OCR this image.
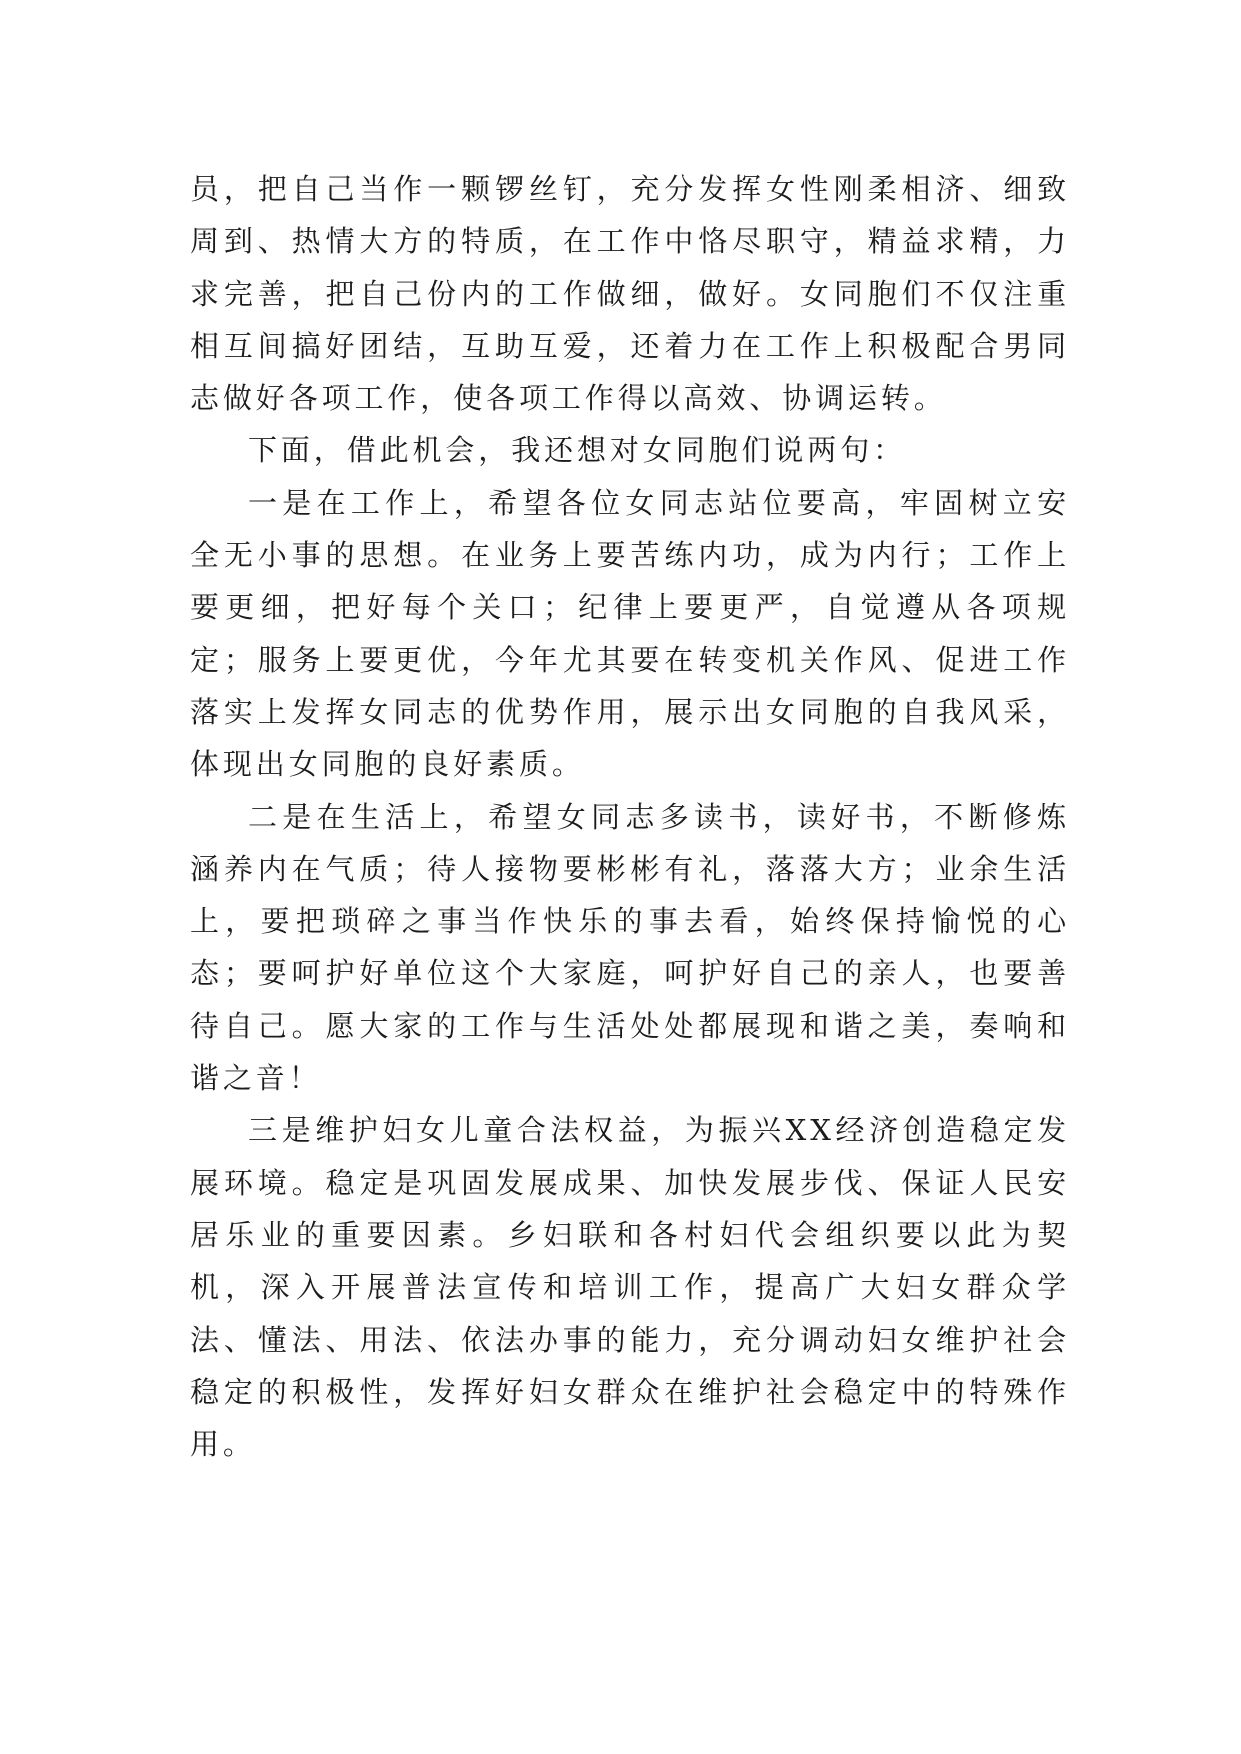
员，把自己当作一颗锣丝钉，充分发挥女性刚柔相济、细致周到、热情大方的特质，在工作中恪尽职守，精益求精，力求完善，把自己份内的工作做细，做好。女同胞们不仅注重相互间搞好团结，互助互爱，还着力在工作上积极配合男同志做好各项工作，使各项工作得以高效、协调运转。

下面，借此机会，我还想对女同胞们说两句：

一是在工作上，希望各位女同志站位要高，牢固树立安全无小事的思想。在业务上要苦练内功，成为内行；工作上要更细，把好每个关口；纪律上要更严，自觉遵从各项规定；服务上要更优，今年尤其要在转变机关作风、促进工作落实上发挥女同志的优势作用，展示出女同胞的自我风采，体现出女同胞的良好素质。

二是在生活上，希望女同志多读书，读好书，不断修炼涵养内在气质；待人接物要彬彬有礼，落落大方；业余生活上，要把琐碎之事当作快乐的事去看，始终保持愉悦的心态；要呵护好单位这个大家庭，呵护好自己的亲人，也要善待自己。愿大家的工作与生活处处都展现和谐之美，奏响和谐之音！

三是维护妇女儿童合法权益，为振兴XX经济创造稳定发展环境。稳定是巩固发展成果、加快发展步伐、保证人民安居乐业的重要因素。乡妇联和各村妇代会组织要以此为契机，深入开展普法宣传和培训工作，提高广大妇女群众学法、懂法、用法、依法办事的能力，充分调动妇女维护社会稳定的积极性，发挥好妇女群众在维护社会稳定中的特殊作用。
